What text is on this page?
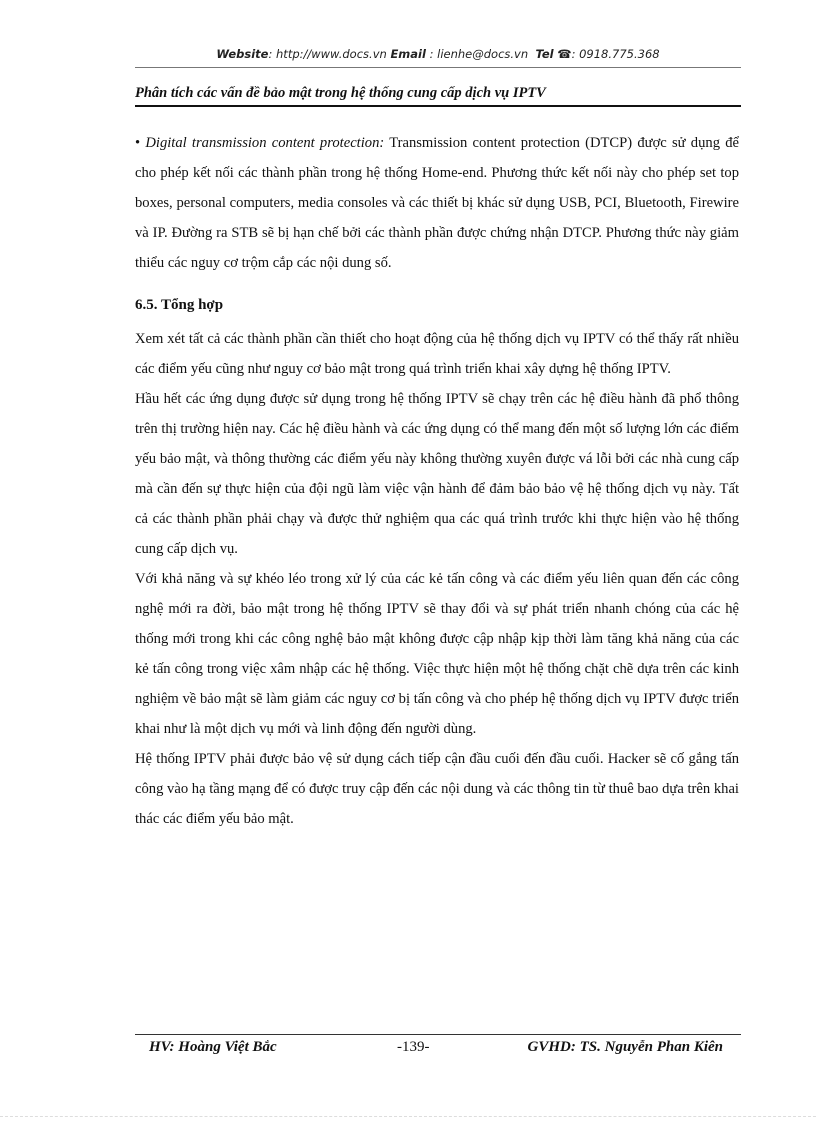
Website: http://www.docs.vn Email : lienhe@docs.vn Tel ☎: 0918.775.368
Phân tích các vấn đề bảo mật trong hệ thống cung cấp dịch vụ IPTV

• Digital transmission content protection: Transmission content protection (DTCP) được sử dụng để cho phép kết nối các thành phần trong hệ thống Home-end. Phương thức kết nối này cho phép set top boxes, personal computers, media consoles và các thiết bị khác sử dụng USB, PCI, Bluetooth, Firewire và IP. Đường ra STB sẽ bị hạn chế bởi các thành phần được chứng nhận DTCP. Phương thức này giảm thiểu các nguy cơ trộm cắp các nội dung số.

6.5. Tổng hợp

Xem xét tất cả các thành phần cần thiết cho hoạt động của hệ thống dịch vụ IPTV có thể thấy rất nhiều các điểm yếu cũng như nguy cơ bảo mật trong quá trình triển khai xây dựng hệ thống IPTV.

Hầu hết các ứng dụng được sử dụng trong hệ thống IPTV sẽ chạy trên các hệ điều hành đã phổ thông trên thị trường hiện nay. Các hệ điều hành và các ứng dụng có thể mang đến một số lượng lớn các điểm yếu bảo mật, và thông thường các điểm yếu này không thường xuyên được vá lỗi bởi các nhà cung cấp mà cần đến sự thực hiện của đội ngũ làm việc vận hành để đảm bảo bảo vệ hệ thống dịch vụ này. Tất cả các thành phần phải chạy và được thử nghiệm qua các quá trình trước khi thực hiện vào hệ thống cung cấp dịch vụ.

Với khả năng và sự khéo léo trong xử lý của các kẻ tấn công và các điểm yếu liên quan đến các công nghệ mới ra đời, bảo mật trong hệ thống IPTV sẽ thay đổi và sự phát triển nhanh chóng của các hệ thống mới trong khi các công nghệ bảo mật không được cập nhập kịp thời làm tăng khả năng của các kẻ tấn công trong việc xâm nhập các hệ thống. Việc thực hiện một hệ thống chặt chẽ dựa trên các kinh nghiệm về bảo mật sẽ làm giảm các nguy cơ bị tấn công và cho phép hệ thống dịch vụ IPTV được triển khai như là một dịch vụ mới và linh động đến người dùng.

Hệ thống IPTV phải được bảo vệ sử dụng cách tiếp cận đầu cuối đến đầu cuối. Hacker sẽ cố gắng tấn công vào hạ tầng mạng để có được truy cập đến các nội dung và các thông tin từ thuê bao dựa trên khai thác các điểm yếu bảo mật.

HV: Hoàng Việt Bắc	-139-	GVHD: TS. Nguyễn Phan Kiên
